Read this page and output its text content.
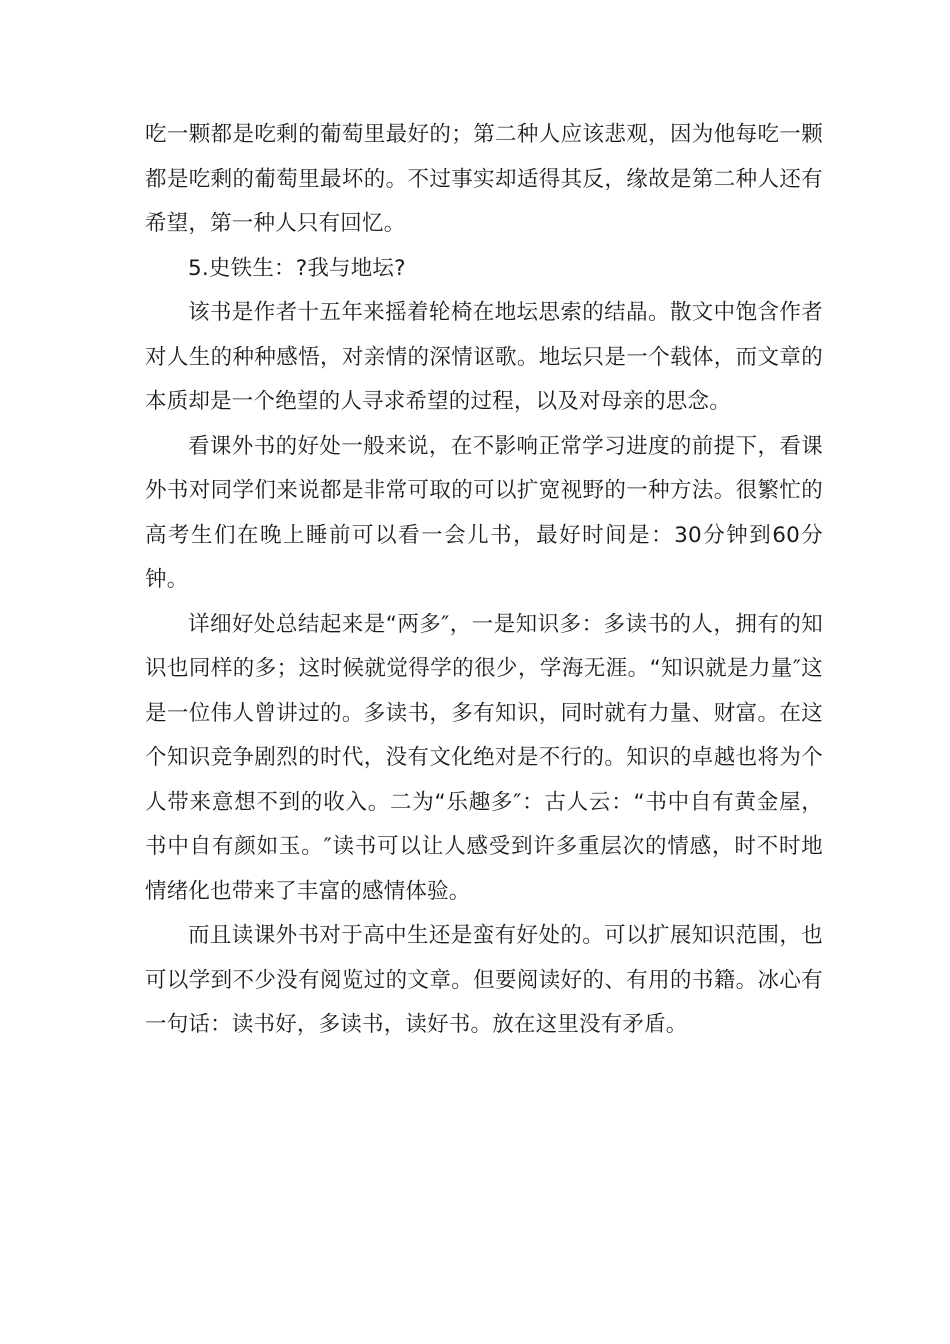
吃一颗都是吃剩的葡萄里最好的；第二种人应该悲观，因为他每吃一颗都是吃剩的葡萄里最坏的。不过事实却适得其反，缘故是第二种人还有希望，第一种人只有回忆。

5.史铁生：?我与地坛?

该书是作者十五年来摇着轮椅在地坛思索的结晶。散文中饱含作者对人生的种种感悟，对亲情的深情讴歌。地坛只是一个载体，而文章的本质却是一个绝望的人寻求希望的过程，以及对母亲的思念。

看课外书的好处一般来说，在不影响正常学习进度的前提下，看课外书对同学们来说都是非常可取的可以扩宽视野的一种方法。很繁忙的高考生们在晚上睡前可以看一会儿书，最好时间是：30分钟到60分钟。

详细好处总结起来是“两多″，一是知识多：多读书的人，拥有的知识也同样的多；这时候就觉得学的很少，学海无涯。“知识就是力量″这是一位伟人曾讲过的。多读书，多有知识，同时就有力量、财富。在这个知识竞争剧烈的时代，没有文化绝对是不行的。知识的卓越也将为个人带来意想不到的收入。二为“乐趣多″：古人云：“书中自有黄金屋，书中自有颜如玉。″读书可以让人感受到许多重层次的情感，时不时地情绪化也带来了丰富的感情体验。

而且读课外书对于高中生还是蛮有好处的。可以扩展知识范围，也可以学到不少没有阅览过的文章。但要阅读好的、有用的书籍。冰心有一句话：读书好，多读书，读好书。放在这里没有矛盾。
